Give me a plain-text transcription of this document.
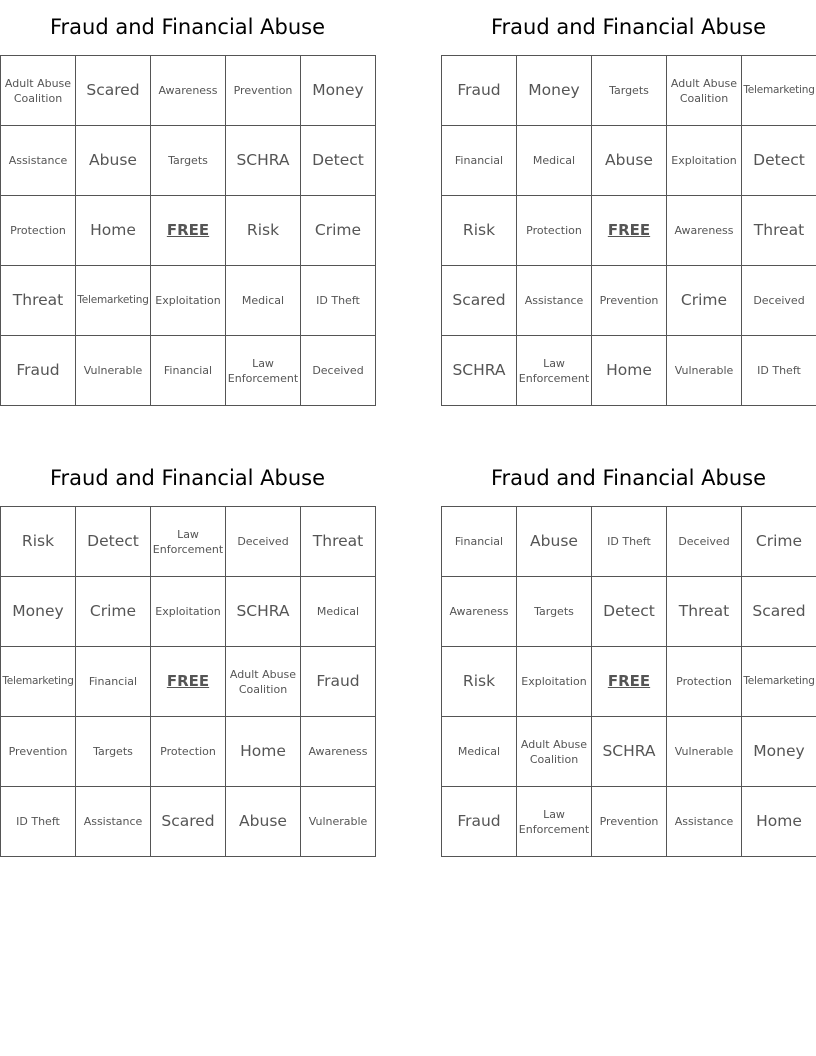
Fraud and Financial Abuse
Adult Abuse Coalition	Scared	Awareness	Prevention	Money
Assistance	Abuse	Targets	SCHRA	Detect
Protection	Home	FREE	Risk	Crime
Threat	Telemarketing	Exploitation	Medical	ID Theft
Fraud	Vulnerable	Financial	Law Enforcement	Deceived
Fraud and Financial Abuse
Fraud	Money	Targets	Adult Abuse Coalition	Telemarketing
Financial	Medical	Abuse	Exploitation	Detect
Risk	Protection	FREE	Awareness	Threat
Scared	Assistance	Prevention	Crime	Deceived
SCHRA	Law Enforcement	Home	Vulnerable	ID Theft
Fraud and Financial Abuse
Risk	Detect	Law Enforcement	Deceived	Threat
Money	Crime	Exploitation	SCHRA	Medical
Telemarketing	Financial	FREE	Adult Abuse Coalition	Fraud
Prevention	Targets	Protection	Home	Awareness
ID Theft	Assistance	Scared	Abuse	Vulnerable
Fraud and Financial Abuse
Financial	Abuse	ID Theft	Deceived	Crime
Awareness	Targets	Detect	Threat	Scared
Risk	Exploitation	FREE	Protection	Telemarketing
Medical	Adult Abuse Coalition	SCHRA	Vulnerable	Money
Fraud	Law Enforcement	Prevention	Assistance	Home
